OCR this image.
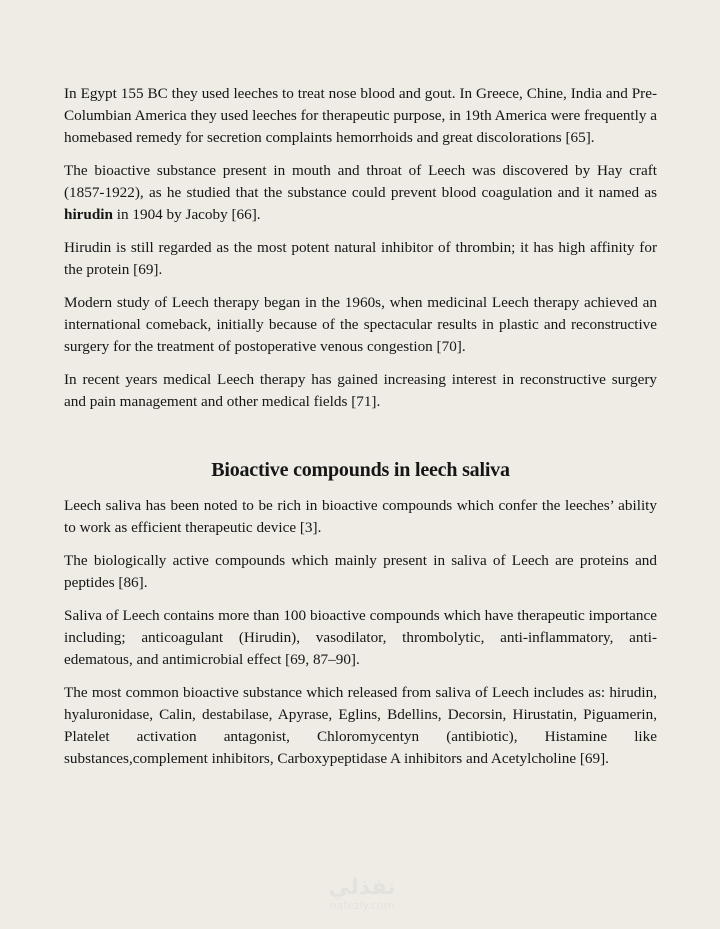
In Egypt 155 BC they used leeches to treat nose blood and gout. In Greece, Chine, India and Pre-Columbian America they used leeches for therapeutic purpose, in 19th America were frequently a homebased remedy for secretion complaints hemorrhoids and great discolorations [65].

The bioactive substance present in mouth and throat of Leech was discovered by Hay craft (1857-1922), as he studied that the substance could prevent blood coagulation and it named as hirudin in 1904 by Jacoby [66].

Hirudin is still regarded as the most potent natural inhibitor of thrombin; it has high affinity for the protein [69].

Modern study of Leech therapy began in the 1960s, when medicinal Leech therapy achieved an international comeback, initially because of the spectacular results in plastic and reconstructive surgery for the treatment of postoperative venous congestion [70].

In recent years medical Leech therapy has gained increasing interest in reconstructive surgery and pain management and other medical fields [71].

Bioactive compounds in leech saliva

Leech saliva has been noted to be rich in bioactive compounds which confer the leeches’ ability to work as efficient therapeutic device [3].

The biologically active compounds which mainly present in saliva of Leech are proteins and peptides [86].

Saliva of Leech contains more than 100 bioactive compounds which have therapeutic importance including; anticoagulant (Hirudin), vasodilator, thrombolytic, anti-inflammatory, anti- edematous, and antimicrobial effect [69, 87–90].

The most common bioactive substance which released from saliva of Leech includes as: hirudin, hyaluronidase, Calin, destabilase, Apyrase, Eglins, Bdellins, Decorsin, Hirustatin, Piguamerin, Platelet activation antagonist, Chloromycentyn (antibiotic), Histamine like substances,complement inhibitors, Carboxypeptidase A inhibitors and Acetylcholine [69].

نفذلي
nafezly.com
